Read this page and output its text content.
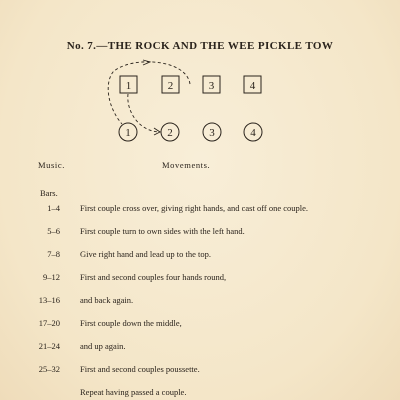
No. 7.—THE ROCK AND THE WEE PICKLE TOW
1	2	3	4
1	2	3	4
Music.	Movements.
Bars.
1–4 First couple cross over, giving right hands, and cast off one couple.
5–6 First couple turn to own sides with the left hand.
7–8 Give right hand and lead up to the top.
9–12 First and second couples four hands round,
13–16 and back again.
17–20 First couple down the middle,
21–24 and up again.
25–32 First and second couples poussette.
Repeat having passed a couple.
